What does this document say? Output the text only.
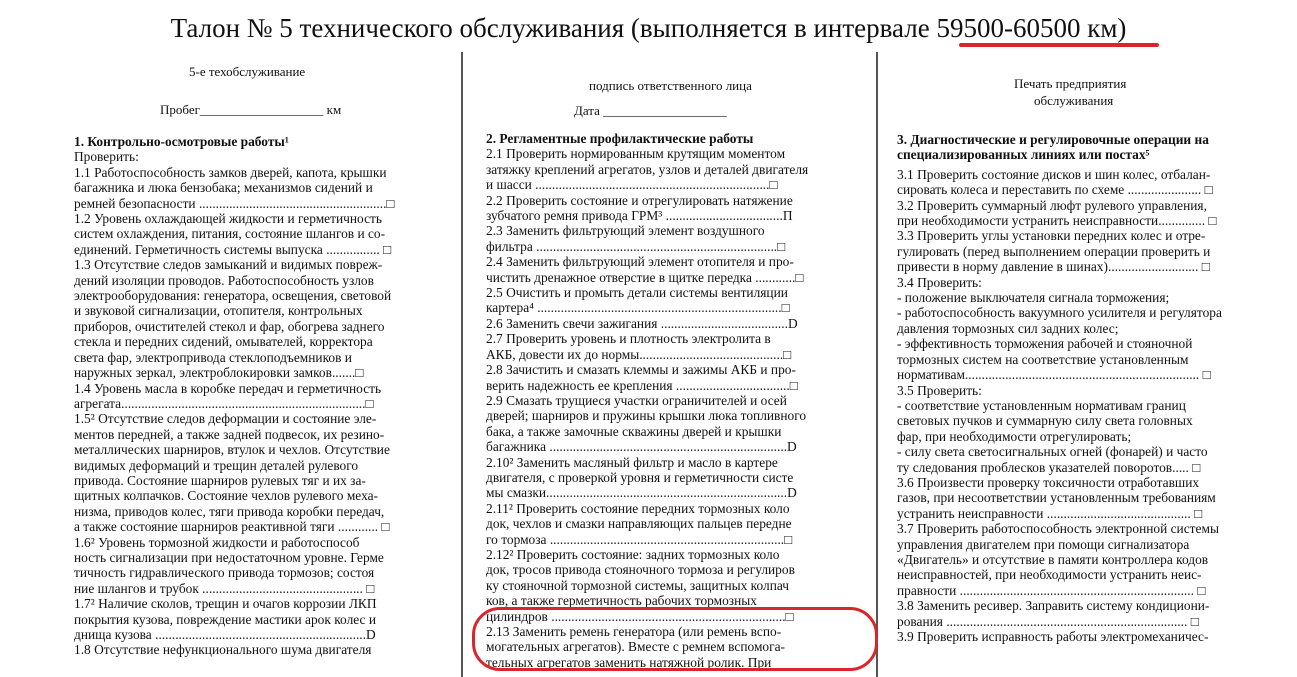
Талон № 5 технического обслуживания (выполняется в интервале 59500-60500 км)
5-е техобслуживание
Пробег___________________ км
1. Контрольно-осмотровые работы¹

Проверить:

1.1 Работоспособность замков дверей, капота, крышки

багажника и люка бензобака; механизмов сидений и

ремней безопасности ........................................................□

1.2 Уровень охлаждающей жидкости и герметичность

систем охлаждения, питания, состояние шлангов и со-

единений. Герметичность системы выпуска ................ □

1.3 Отсутствие следов замыканий и видимых повреж-

дений изоляции проводов. Работоспособность узлов

электрооборудования: генератора, освещения, световой

и звуковой сигнализации, отопителя, контрольных

приборов, очистителей стекол и фар, обогрева заднего

стекла и передних сидений, омывателей, корректора

света фар, электропривода стеклоподъемников и

наружных зеркал, электроблокировки замков.......□

1.4 Уровень масла в коробке передач и герметичность

агрегата.........................................................................□

1.5² Отсутствие следов деформации и состояние эле-

ментов передней, а также задней подвесок, их резино-

металлических шарниров, втулок и чехлов. Отсутствие

видимых деформаций и трещин деталей рулевого

привода. Состояние шарниров рулевых тяг и их за-

щитных колпачков. Состояние чехлов рулевого меха-

низма, приводов колес, тяги привода коробки передач,

а также состояние шарниров реактивной тяги ............ □

1.6² Уровень тормозной жидкости и работоспособ

ность сигнализации при недостаточном уровне. Герме

тичность гидравлического привода тормозов; состоя

ние шлангов и трубок ................................................ □

1.7² Наличие сколов, трещин и очагов коррозии ЛКП

покрытия кузова, повреждение мастики арок колес и

днища кузова ...............................................................D

1.8 Отсутствие нефункционального шума двигателя

подпись ответственного лица
Дата ___________________
2. Регламентные профилактические работы

2.1 Проверить нормированным крутящим моментом

затяжку креплений агрегатов, узлов и деталей двигателя

и шасси ......................................................................□

2.2 Проверить состояние и отрегулировать натяжение

зубчатого ремня привода ГРМ³ ...................................П

2.3 Заменить фильтрующий элемент воздушного

фильтра ........................................................................□

2.4 Заменить фильтрующий элемент отопителя и про-

чистить дренажное отверстие в щитке передка ............□

2.5 Очистить и промыть детали системы вентиляции

картера⁴ .........................................................................□

2.6 Заменить свечи зажигания ......................................D

2.7 Проверить уровень и плотность электролита в

АКБ, довести их до нормы...........................................□

2.8 Зачистить и смазать клеммы и зажимы АКБ и про-

верить надежность ее крепления ..................................□

2.9 Смазать трущиеся участки ограничителей и осей

дверей; шарниров и пружины крышки люка топливного

бака, а также замочные скважины дверей и крышки

багажника .......................................................................D

2.10² Заменить масляный фильтр и масло в картере

двигателя, с проверкой уровня и герметичности систе

мы смазки........................................................................D

2.11² Проверить состояние передних тормозных коло

док, чехлов и смазки направляющих пальцев передне

го тормоза ......................................................................□

2.12² Проверить состояние: задних тормозных коло

док, тросов привода стояночного тормоза и регулиров

ку стояночной тормозной системы, защитных колпач

ков, а также герметичность рабочих тормозных

цилиндров ......................................................................□

2.13 Заменить ремень генератора (или ремень вспо-

могательных агрегатов). Вместе с ремнем вспомога-

тельных агрегатов заменить натяжной ролик. При

Печать предприятия
обслуживания
3. Диагностические и регулировочные операции на
специализированных линиях или постах⁵

3.1 Проверить состояние дисков и шин колес, отбалан-

сировать колеса и переставить по схеме ...................... □

3.2 Проверить суммарный люфт рулевого управления,

при необходимости устранить неисправности.............. □

3.3 Проверить углы установки передних колес и отре-

гулировать (перед выполнением операции проверить и

привести в норму давление в шинах)........................... □

3.4 Проверить:

- положение выключателя сигнала торможения;

- работоспособность вакуумного усилителя и регулятора

давления тормозных сил задних колес;

- эффективность торможения рабочей и стояночной

тормозных систем на соответствие установленным

нормативам...................................................................... □

3.5 Проверить:

- соответствие установленным нормативам границ

световых пучков и суммарную силу света головных

фар, при необходимости отрегулировать;

- силу света светосигнальных огней (фонарей) и часто

ту следования проблесков указателей поворотов..... □

3.6 Произвести проверку токсичности отработавших

газов, при несоответствии установленным требованиям

устранить неисправности ........................................... □

3.7 Проверить работоспособность электронной системы

управления двигателем при помощи сигнализатора

«Двигатель» и отсутствие в памяти контроллера кодов

неисправностей, при необходимости устранить неис-

правности ...................................................................... □

3.8 Заменить ресивер. Заправить систему кондициони-

рования ........................................................................ □

3.9 Проверить исправность работы электромеханичес-
